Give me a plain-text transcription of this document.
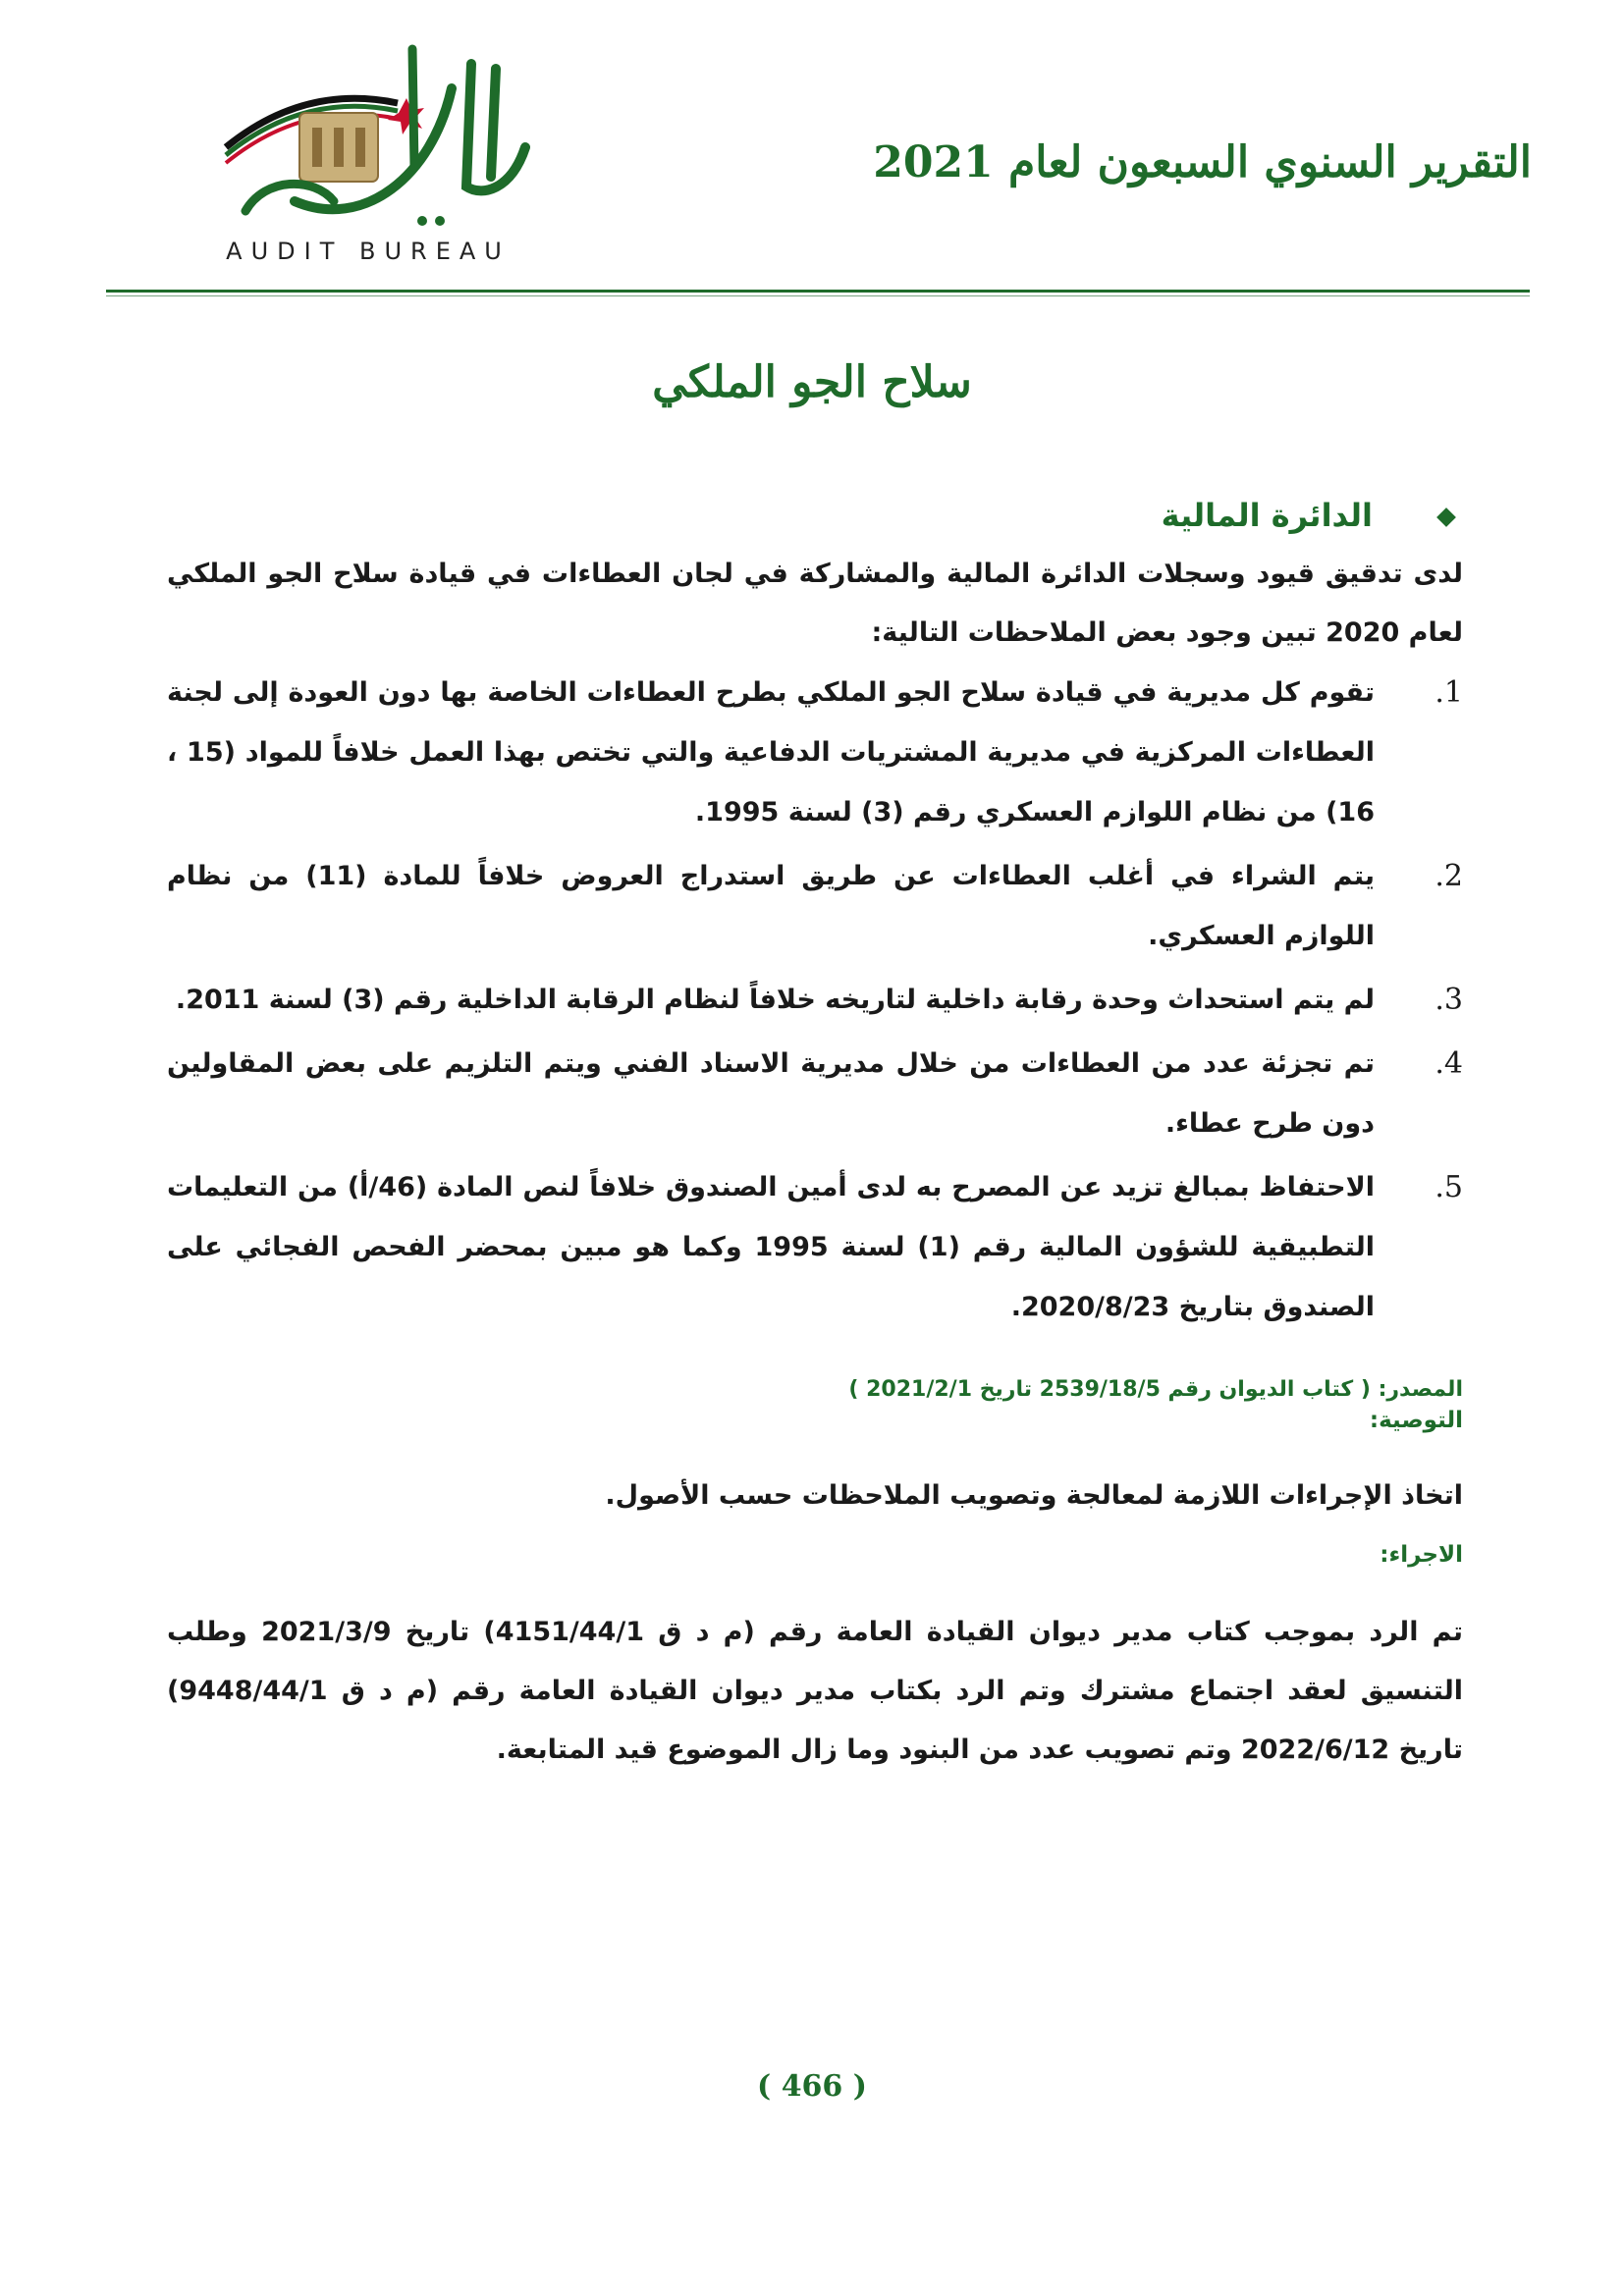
التقرير السنوي السبعون لعام 2021
AUDIT BUREAU
سلاح الجو الملكي
الدائرة المالية

لدى تدقيق قيود وسجلات الدائرة المالية والمشاركة في لجان العطاءات في قيادة سلاح الجو الملكي لعام 2020 تبين وجود بعض الملاحظات التالية:

1.
تقوم كل مديرية في قيادة سلاح الجو الملكي بطرح العطاءات الخاصة بها دون العودة إلى لجنة العطاءات المركزية في مديرية المشتريات الدفاعية والتي تختص بهذا العمل خلافاً للمواد (15 ، 16) من نظام اللوازم العسكري رقم (3) لسنة 1995.
2.
يتم الشراء في أغلب العطاءات عن طريق استدراج العروض خلافاً للمادة (11) من نظام اللوازم العسكري.
3.
لم يتم استحداث وحدة رقابة داخلية لتاريخه خلافاً لنظام الرقابة الداخلية رقم (3) لسنة 2011.
4.
تم تجزئة عدد من العطاءات من خلال مديرية الاسناد الفني ويتم التلزيم على بعض المقاولين دون طرح عطاء.
5.
الاحتفاظ بمبالغ تزيد عن المصرح به لدى أمين الصندوق خلافاً لنص المادة (46/أ) من التعليمات التطبيقية للشؤون المالية رقم (1) لسنة 1995 وكما هو مبين بمحضر الفحص الفجائي على الصندوق بتاريخ 2020/8/23.
المصدر: ( كتاب الديوان رقم 2539/18/5 تاريخ 2021/2/1 )
التوصية:

اتخاذ الإجراءات اللازمة لمعالجة وتصويب الملاحظات حسب الأصول.

الاجراء:

تم الرد بموجب كتاب مدير ديوان القيادة العامة رقم (م د ق 4151/44/1) تاريخ 2021/3/9 وطلب التنسيق لعقد اجتماع مشترك وتم الرد بكتاب مدير ديوان القيادة العامة رقم (م د ق 9448/44/1) تاريخ 2022/6/12 وتم تصويب عدد من البنود وما زال الموضوع قيد المتابعة.

( 466 )
